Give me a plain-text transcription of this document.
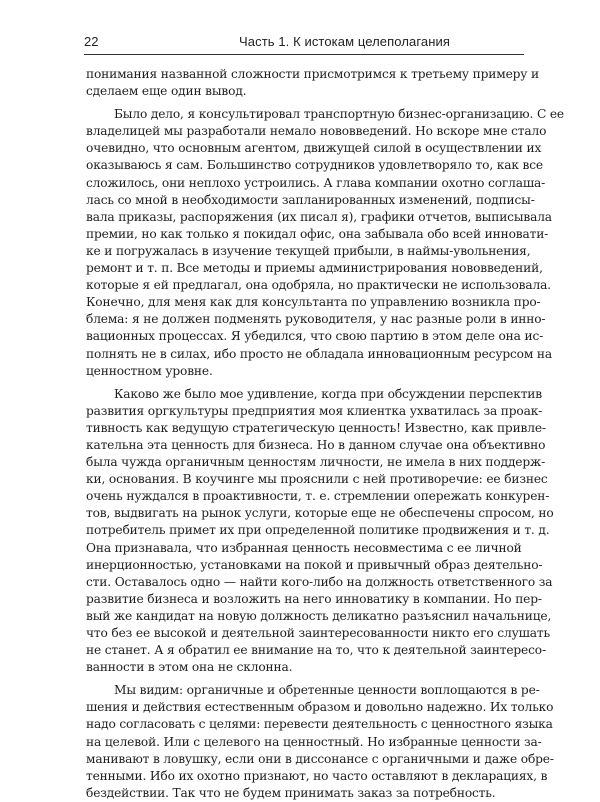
22	Часть 1. К истокам целеполагания
понимания названной сложности присмотримся к третьему примеру и
сделаем еще один вывод.
Было дело, я консультировал транспортную бизнес-организацию. С ее
владелицей мы разработали немало нововведений. Но вскоре мне стало
очевидно, что основным агентом, движущей силой в осуществлении их
оказываюсь я сам. Большинство сотрудников удовлетворяло то, как все
сложилось, они неплохо устроились. А глава компании охотно соглаша-
лась со мной в необходимости запланированных изменений, подписы-
вала приказы, распоряжения (их писал я), графики отчетов, выписывала
премии, но как только я покидал офис, она забывала обо всей инновати-
ке и погружалась в изучение текущей прибыли, в наймы-увольнения,
ремонт и т. п. Все методы и приемы администрирования нововведений,
которые я ей предлагал, она одобряла, но практически не использовала.
Конечно, для меня как для консультанта по управлению возникла про-
блема: я не должен подменять руководителя, у нас разные роли в инно-
вационных процессах. Я убедился, что свою партию в этом деле она ис-
полнять не в силах, ибо просто не обладала инновационным ресурсом на
ценностном уровне.
Каково же было мое удивление, когда при обсуждении перспектив
развития оргкультуры предприятия моя клиентка ухватилась за проак-
тивность как ведущую стратегическую ценность! Известно, как привле-
кательна эта ценность для бизнеса. Но в данном случае она объективно
была чужда органичным ценностям личности, не имела в них поддерж-
ки, основания. В коучинге мы прояснили с ней противоречие: ее бизнес
очень нуждался в проактивности, т. е. стремлении опережать конкурен-
тов, выдвигать на рынок услуги, которые еще не обеспечены спросом, но
потребитель примет их при определенной политике продвижения и т. д.
Она признавала, что избранная ценность несовместима с ее личной
инерционностью, установками на покой и привычный образ деятельно-
сти. Оставалось одно — найти кого-либо на должность ответственного за
развитие бизнеса и возложить на него инноватику в компании. Но пер-
вый же кандидат на новую должность деликатно разъяснил начальнице,
что без ее высокой и деятельной заинтересованности никто его слушать
не станет. А я обратил ее внимание на то, что к деятельной заинтересо-
ванности в этом она не склонна.
Мы видим: органичные и обретенные ценности воплощаются в ре-
шения и действия естественным образом и довольно надежно. Их только
надо согласовать с целями: перевести деятельность с ценностного языка
на целевой. Или с целевого на ценностный. Но избранные ценности за-
манивают в ловушку, если они в диссонансе с органичными и даже обре-
тенными. Ибо их охотно признают, но часто оставляют в декларациях, в
бездействии. Так что не будем принимать заказ за потребность.
